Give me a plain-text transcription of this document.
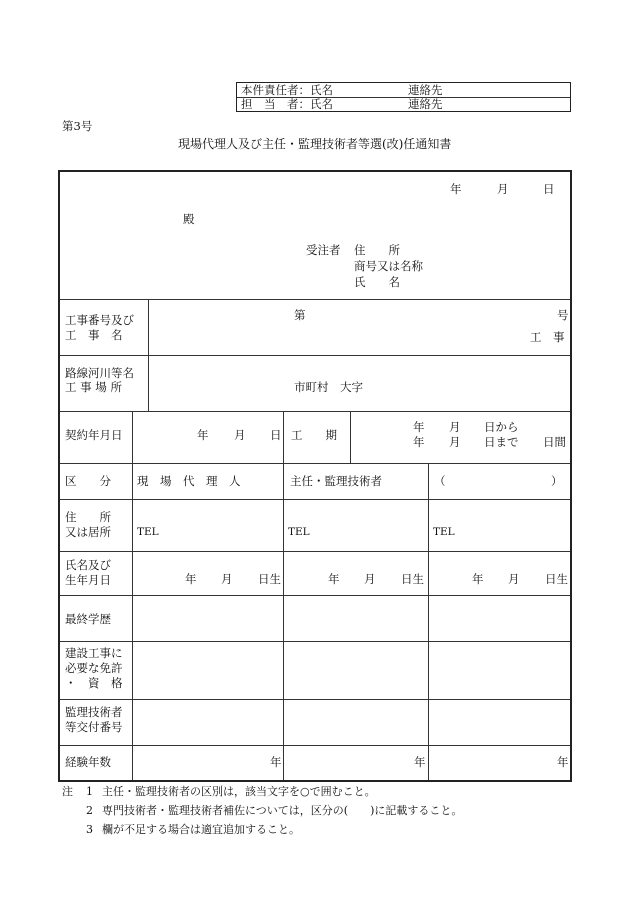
本件責任者：氏名	連絡先
担　当　者：氏名	連絡先
第3号
現場代理人及び主任・監理技術者等選(改)任通知書
年	月	日
殿
受注者 住　　所
商号又は名称
氏　　名
工事番号及び
工　事　名
第	号
工　事
路線河川等名
工 事 場 所	市町村　大字
契約年月日	年 月 日 工　　期
年 月 日から
年 月 日まで 日間
区　　分 現　場　代　理　人	主任・監理技術者	（	）
住　　所
又は居所 TEL	TEL	TEL
氏名及び
生年月日	年 月 日生	年 月 日生	年 月 日生
最終学歴
建設工事に
必要な免許
・　資　格
監理技術者
等交付番号
経験年数	年	年	年
注 1 主任・監理技術者の区別は，該当文字を○で囲むこと。
2 専門技術者・監理技術者補佐については，区分の(　　)に記載すること。
3 欄が不足する場合は適宜追加すること。
